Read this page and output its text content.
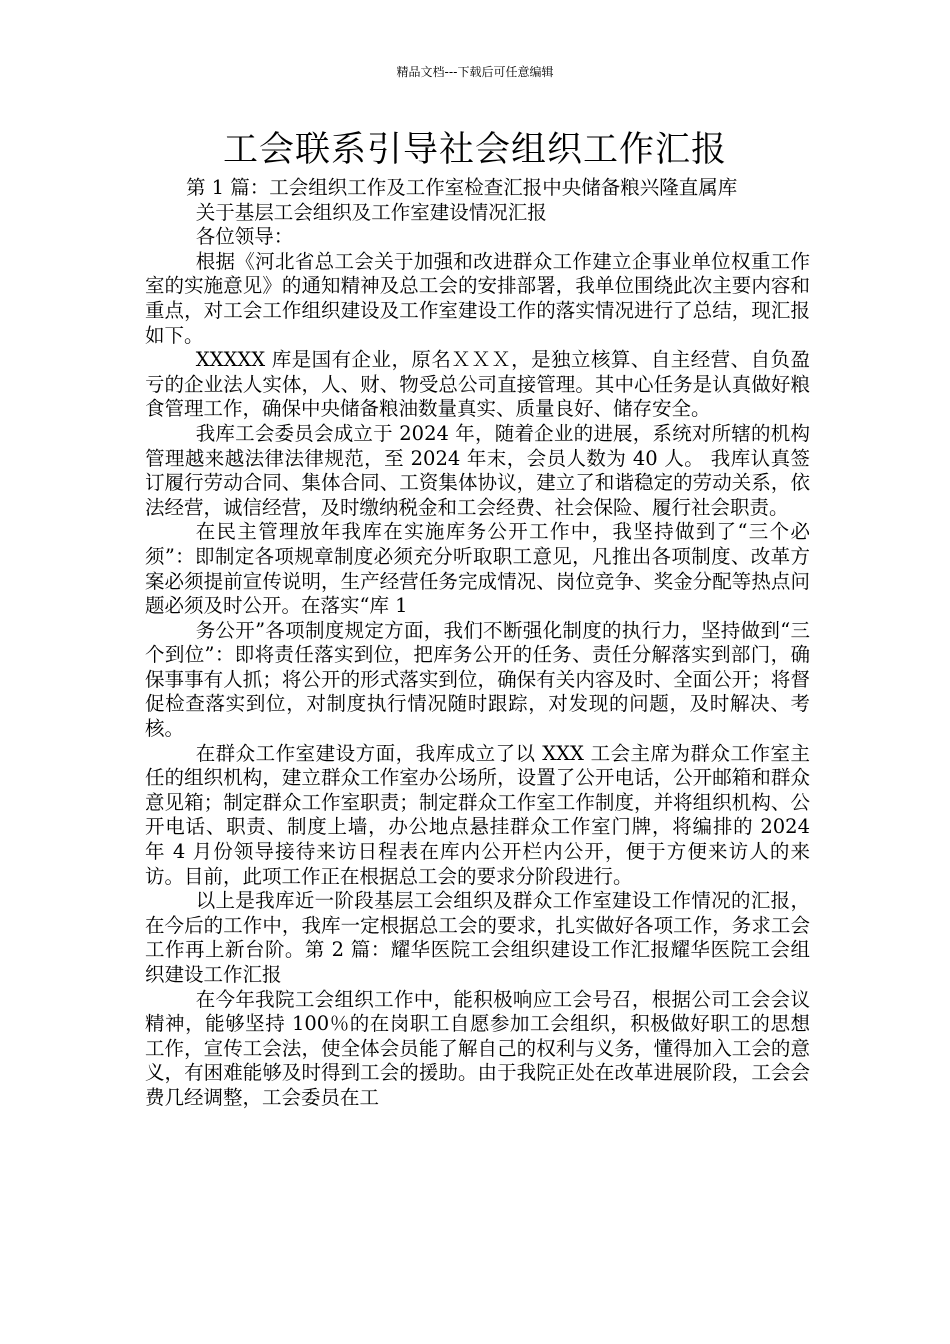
精品文档---下载后可任意编辑
工会联系引导社会组织工作汇报

第 1 篇：工会组织工作及工作室检查汇报中央储备粮兴隆直属库

关于基层工会组织及工作室建设情况汇报

各位领导：

根据《河北省总工会关于加强和改进群众工作建立企事业单位权重工作室的实施意见》的通知精神及总工会的安排部署，我单位围绕此次主要内容和重点，对工会工作组织建设及工作室建设工作的落实情况进行了总结，现汇报如下。

XXXXX 库是国有企业，原名ＸＸＸ，是独立核算、自主经营、自负盈亏的企业法人实体，人、财、物受总公司直接管理。其中心任务是认真做好粮食管理工作，确保中央储备粮油数量真实、质量良好、储存安全。

我库工会委员会成立于 2024 年，随着企业的进展，系统对所辖的机构管理越来越法律法律规范，至 2024 年末，会员人数为 40 人。 我库认真签订履行劳动合同、集体合同、工资集体协议，建立了和谐稳定的劳动关系，依法经营，诚信经营，及时缴纳税金和工会经费、社会保险、履行社会职责。

在民主管理放年我库在实施库务公开工作中，我坚持做到了“三个必须”：即制定各项规章制度必须充分听取职工意见，凡推出各项制度、改革方案必须提前宣传说明，生产经营任务完成情况、岗位竞争、奖金分配等热点问题必须及时公开。在落实“库 1

务公开”各项制度规定方面，我们不断强化制度的执行力，坚持做到“三个到位”：即将责任落实到位，把库务公开的任务、责任分解落实到部门，确保事事有人抓；将公开的形式落实到位，确保有关内容及时、全面公开；将督促检查落实到位，对制度执行情况随时跟踪，对发现的问题，及时解决、考核。

在群众工作室建设方面，我库成立了以 XXX 工会主席为群众工作室主任的组织机构，建立群众工作室办公场所，设置了公开电话，公开邮箱和群众意见箱；制定群众工作室职责；制定群众工作室工作制度，并将组织机构、公开电话、职责、制度上墙，办公地点悬挂群众工作室门牌，将编排的 2024 年 4 月份领导接待来访日程表在库内公开栏内公开，便于方便来访人的来访。目前，此项工作正在根据总工会的要求分阶段进行。

以上是我库近一阶段基层工会组织及群众工作室建设工作情况的汇报，在今后的工作中，我库一定根据总工会的要求，扎实做好各项工作，务求工会工作再上新台阶。第 2 篇：耀华医院工会组织建设工作汇报耀华医院工会组织建设工作汇报

在今年我院工会组织工作中，能积极响应工会号召，根据公司工会会议精神，能够坚持 100％的在岗职工自愿参加工会组织，积极做好职工的思想工作，宣传工会法，使全体会员能了解自己的权利与义务，懂得加入工会的意义，有困难能够及时得到工会的援助。由于我院正处在改革进展阶段，工会会费几经调整，工会委员在工
